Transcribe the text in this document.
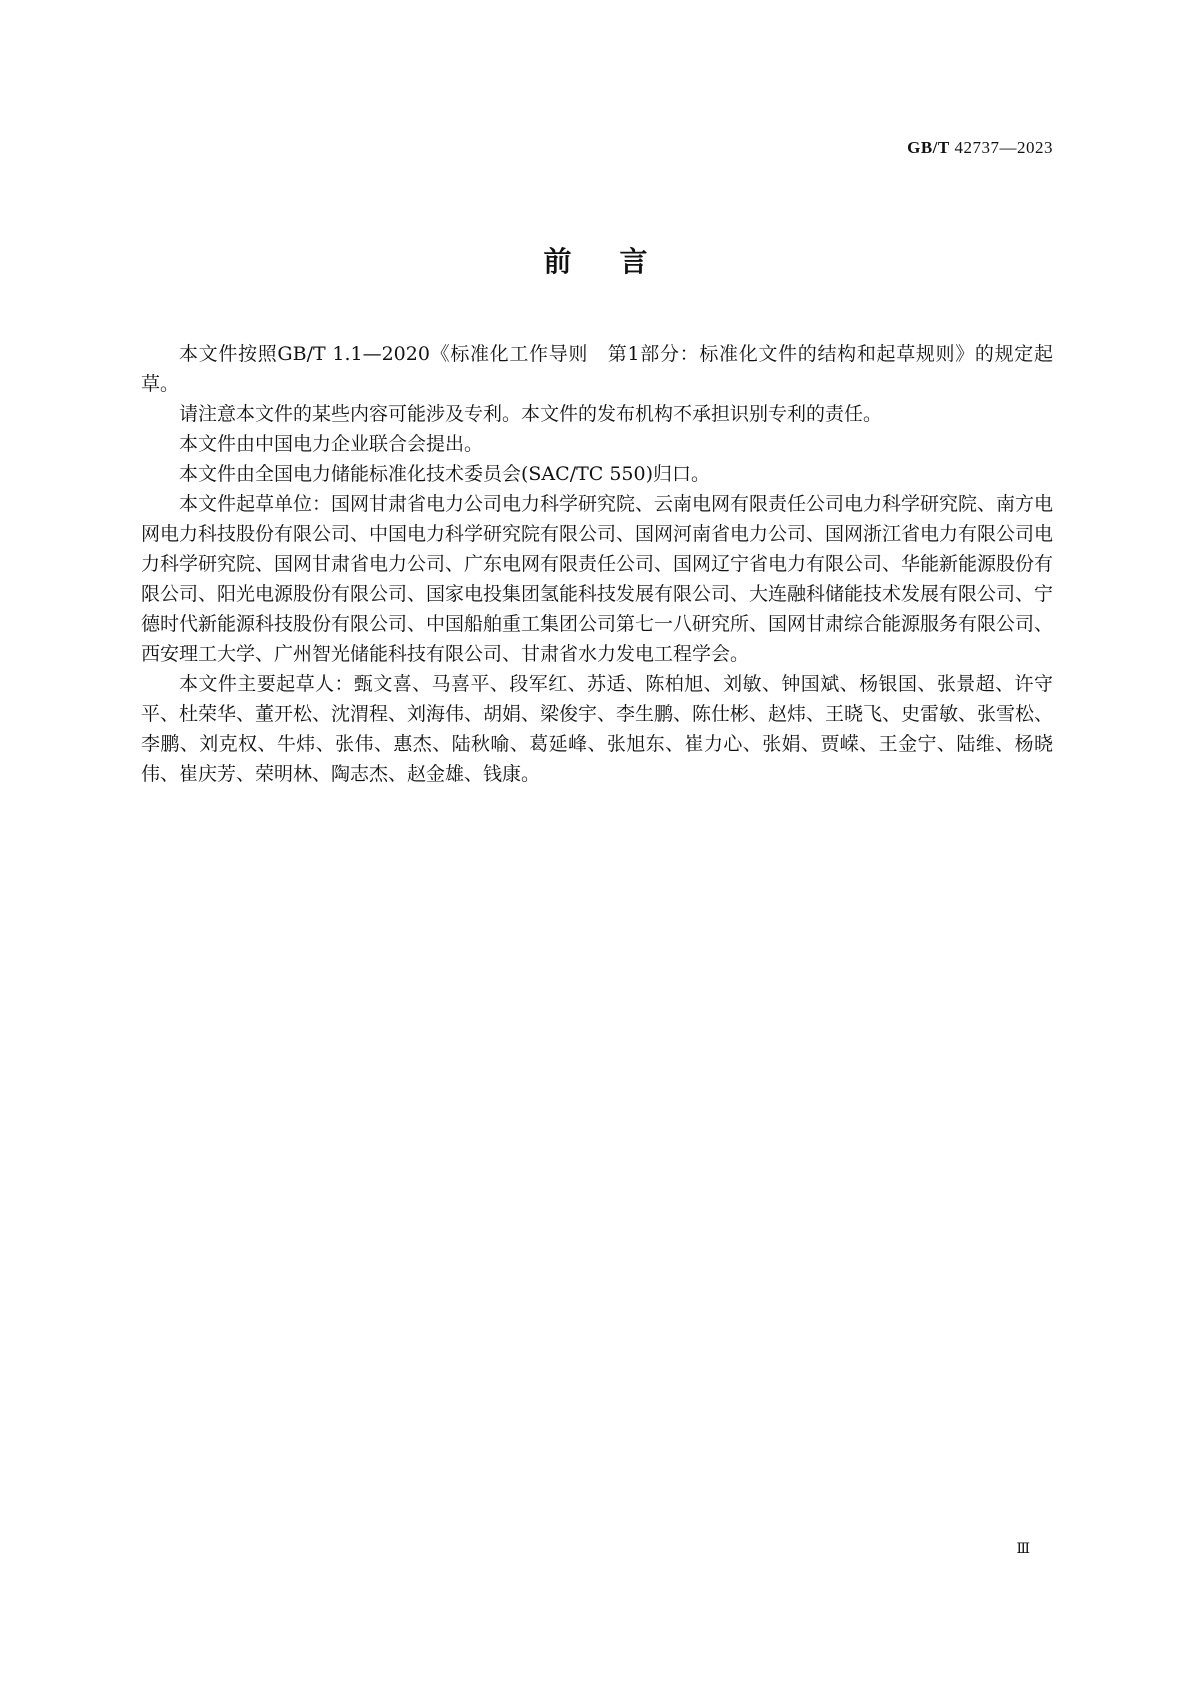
GB/T 42737—2023
前言

本文件按照GB/T 1.1—2020《标准化工作导则　第1部分：标准化文件的结构和起草规则》的规定起草。

请注意本文件的某些内容可能涉及专利。本文件的发布机构不承担识别专利的责任。

本文件由中国电力企业联合会提出。

本文件由全国电力储能标准化技术委员会(SAC/TC 550)归口。

本文件起草单位：国网甘肃省电力公司电力科学研究院、云南电网有限责任公司电力科学研究院、南方电网电力科技股份有限公司、中国电力科学研究院有限公司、国网河南省电力公司、国网浙江省电力有限公司电力科学研究院、国网甘肃省电力公司、广东电网有限责任公司、国网辽宁省电力有限公司、华能新能源股份有限公司、阳光电源股份有限公司、国家电投集团氢能科技发展有限公司、大连融科储能技术发展有限公司、宁德时代新能源科技股份有限公司、中国船舶重工集团公司第七一八研究所、国网甘肃综合能源服务有限公司、西安理工大学、广州智光储能科技有限公司、甘肃省水力发电工程学会。

本文件主要起草人：甄文喜、马喜平、段军红、苏适、陈柏旭、刘敏、钟国斌、杨银国、张景超、许守平、杜荣华、董开松、沈渭程、刘海伟、胡娟、梁俊宇、李生鹏、陈仕彬、赵炜、王晓飞、史雷敏、张雪松、李鹏、刘克权、牛炜、张伟、惠杰、陆秋喻、葛延峰、张旭东、崔力心、张娟、贾嵘、王金宁、陆维、杨晓伟、崔庆芳、荣明林、陶志杰、赵金雄、钱康。

Ⅲ
